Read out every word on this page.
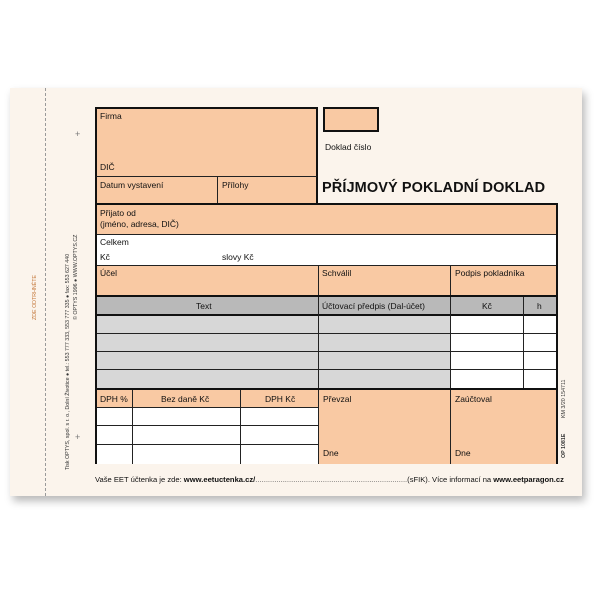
+
+
Tisk OPTYS, spol. s r. o., Dolní Životice ● tel.: 553 777 333, 553 777 335 ● fax: 553 627 440 © OPTYS 1996 ● WWW.OPTYS.CZ
ZDE ODTRHNĚTE
OP 1081E
KM 3/20 154711
Firma
DIČ
Datum vystavení	Přílohy
Doklad číslo
PŘÍJMOVÝ POKLADNÍ DOKLAD
Přijato od
(jméno, adresa, DIČ)
Celkem
Kč	slovy Kč
Účel	Schválil	Podpis pokladníka
Text	Účtovací předpis (Dal-účet)	Kč	h
DPH %	Bez daně Kč	DPH Kč	Převzal	Zaúčtoval
Dne	Dne
Vaše EET účtenka je zde: www.eetuctenka.cz/........................................................................(sFIK). Více informací na www.eetparagon.cz
